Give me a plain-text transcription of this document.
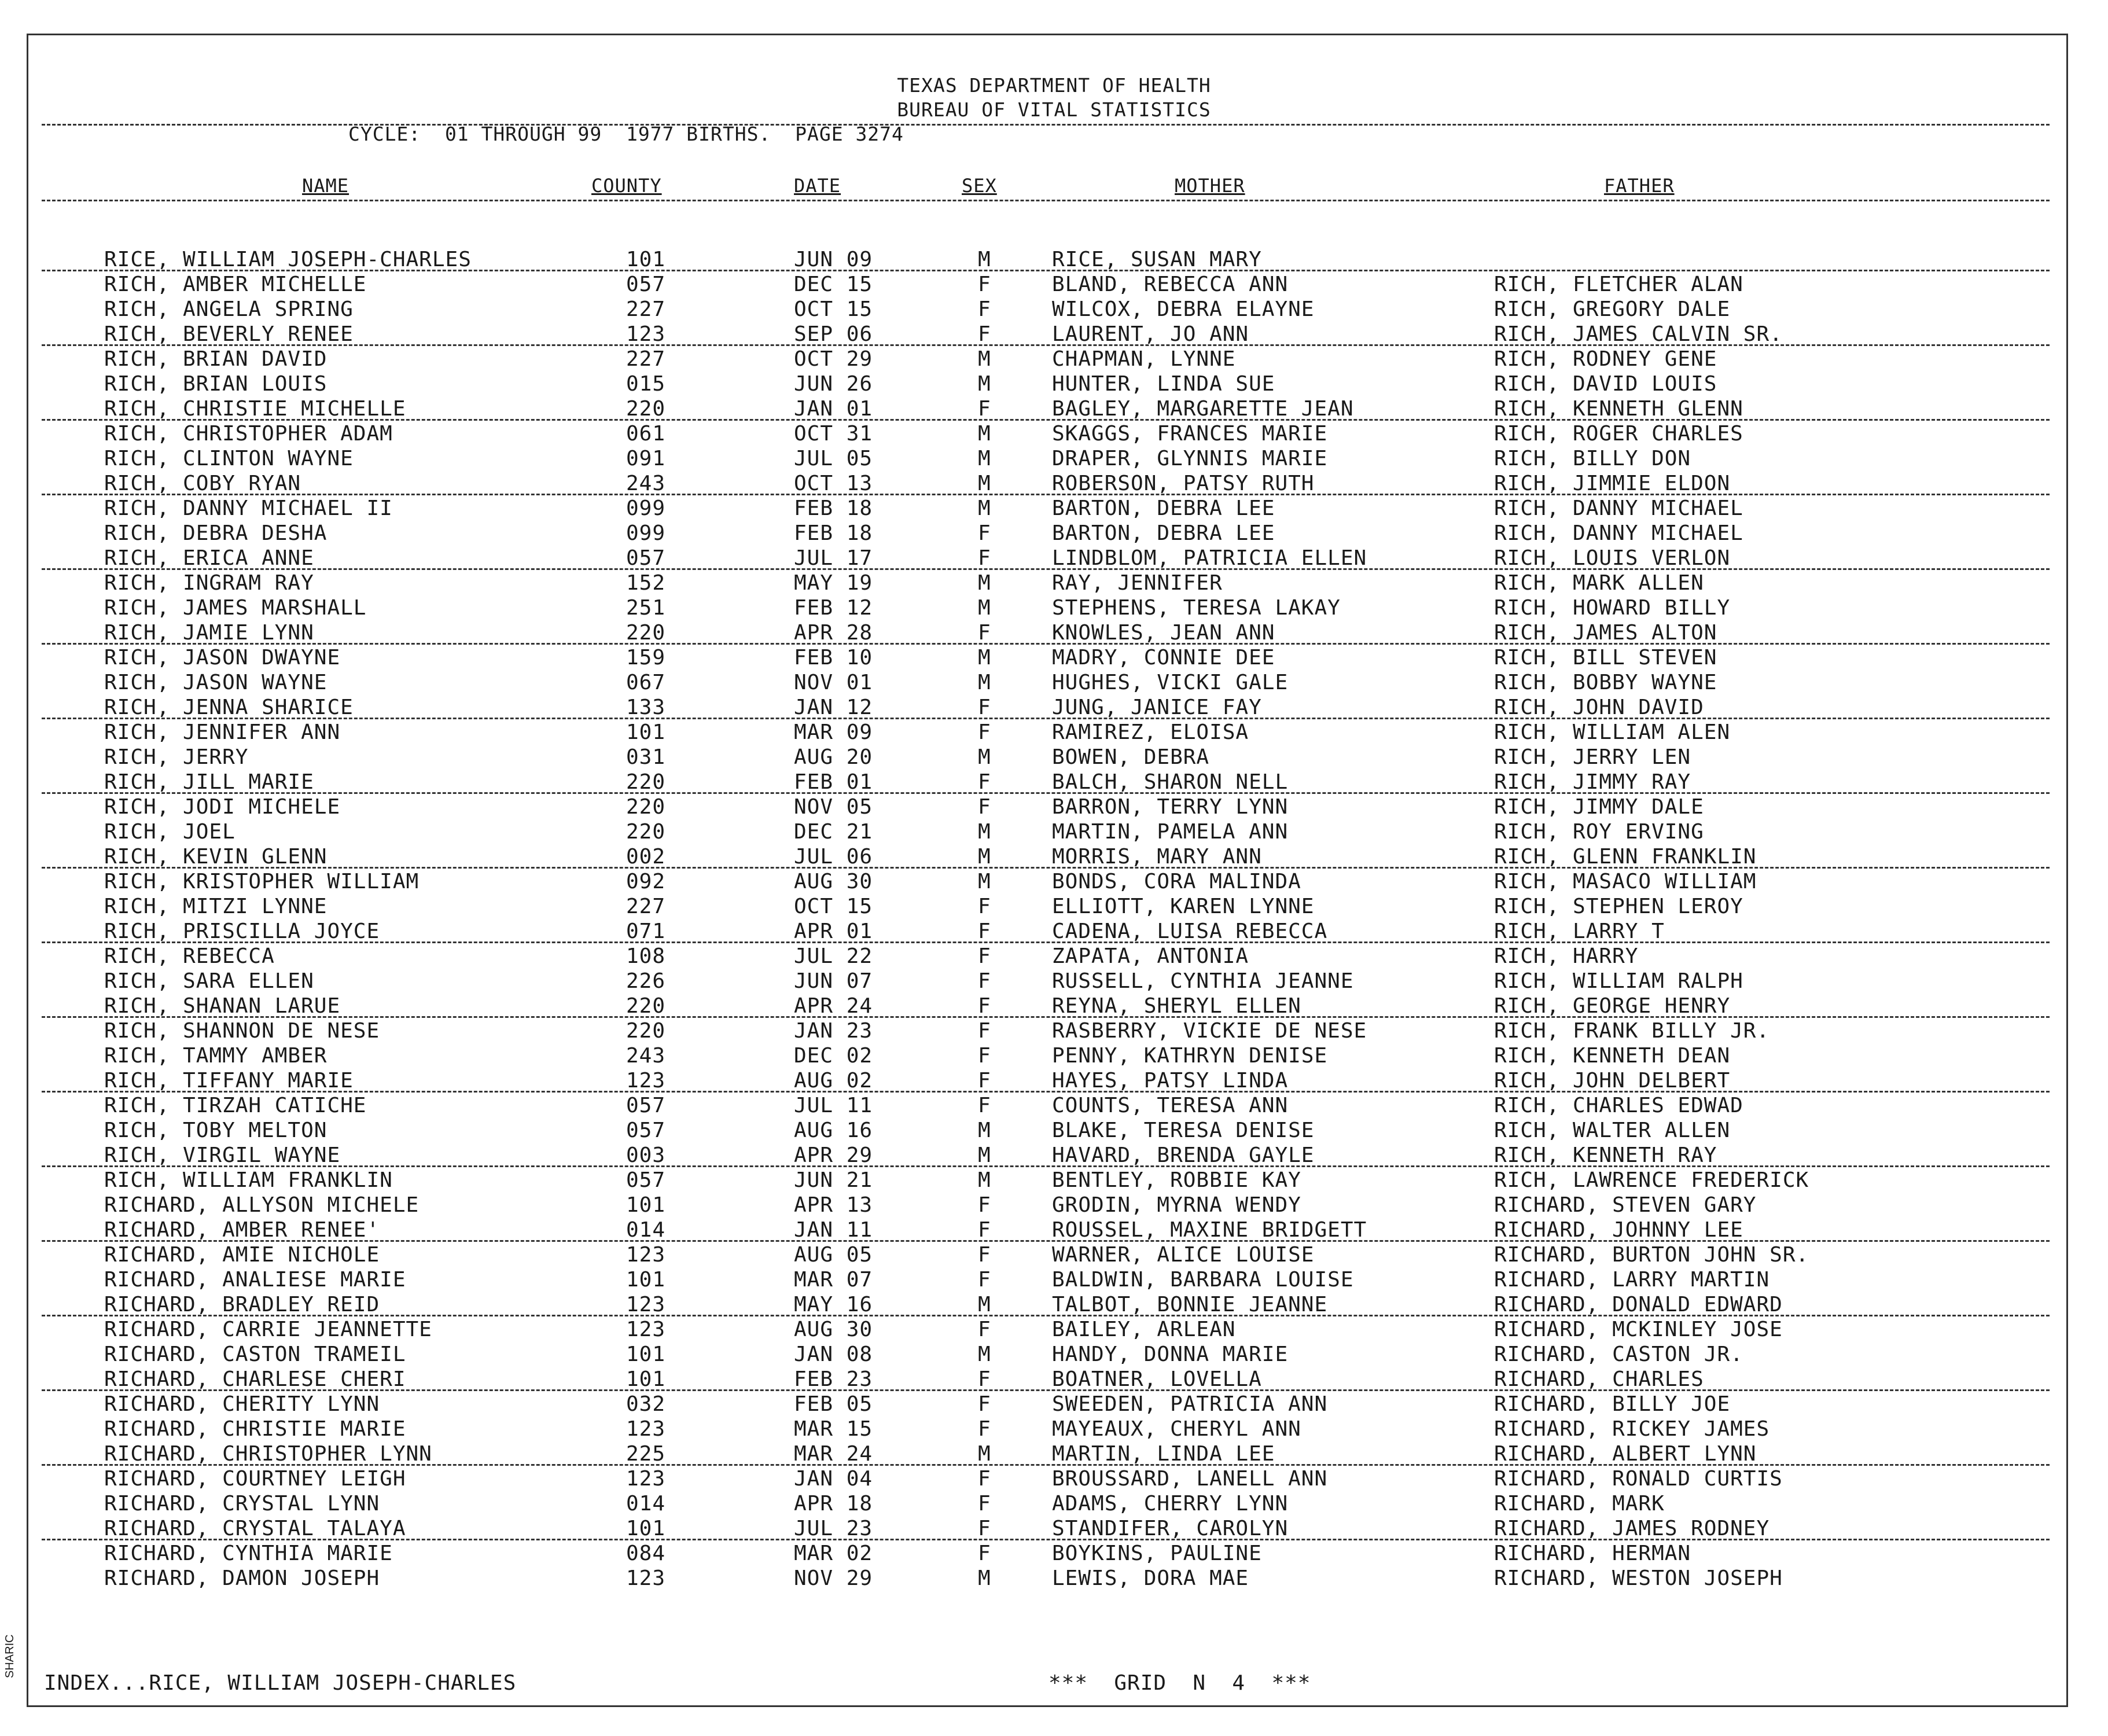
TEXAS DEPARTMENT OF HEALTH
BUREAU OF VITAL STATISTICS
CYCLE:  01 THROUGH 99  1977 BIRTHS.  PAGE 3274
NAME	COUNTY	DATE	SEX	MOTHER	FATHER
RICE, WILLIAM JOSEPH-CHARLES	101	JUN 09	M	RICE, SUSAN MARY
RICH, AMBER MICHELLE	057	DEC 15	F	BLAND, REBECCA ANN	RICH, FLETCHER ALAN
RICH, ANGELA SPRING	227	OCT 15	F	WILCOX, DEBRA ELAYNE	RICH, GREGORY DALE
RICH, BEVERLY RENEE	123	SEP 06	F	LAURENT, JO ANN	RICH, JAMES CALVIN SR.
RICH, BRIAN DAVID	227	OCT 29	M	CHAPMAN, LYNNE	RICH, RODNEY GENE
RICH, BRIAN LOUIS	015	JUN 26	M	HUNTER, LINDA SUE	RICH, DAVID LOUIS
RICH, CHRISTIE MICHELLE	220	JAN 01	F	BAGLEY, MARGARETTE JEAN	RICH, KENNETH GLENN
RICH, CHRISTOPHER ADAM	061	OCT 31	M	SKAGGS, FRANCES MARIE	RICH, ROGER CHARLES
RICH, CLINTON WAYNE	091	JUL 05	M	DRAPER, GLYNNIS MARIE	RICH, BILLY DON
RICH, COBY RYAN	243	OCT 13	M	ROBERSON, PATSY RUTH	RICH, JIMMIE ELDON
RICH, DANNY MICHAEL II	099	FEB 18	M	BARTON, DEBRA LEE	RICH, DANNY MICHAEL
RICH, DEBRA DESHA	099	FEB 18	F	BARTON, DEBRA LEE	RICH, DANNY MICHAEL
RICH, ERICA ANNE	057	JUL 17	F	LINDBLOM, PATRICIA ELLEN	RICH, LOUIS VERLON
RICH, INGRAM RAY	152	MAY 19	M	RAY, JENNIFER	RICH, MARK ALLEN
RICH, JAMES MARSHALL	251	FEB 12	M	STEPHENS, TERESA LAKAY	RICH, HOWARD BILLY
RICH, JAMIE LYNN	220	APR 28	F	KNOWLES, JEAN ANN	RICH, JAMES ALTON
RICH, JASON DWAYNE	159	FEB 10	M	MADRY, CONNIE DEE	RICH, BILL STEVEN
RICH, JASON WAYNE	067	NOV 01	M	HUGHES, VICKI GALE	RICH, BOBBY WAYNE
RICH, JENNA SHARICE	133	JAN 12	F	JUNG, JANICE FAY	RICH, JOHN DAVID
RICH, JENNIFER ANN	101	MAR 09	F	RAMIREZ, ELOISA	RICH, WILLIAM ALEN
RICH, JERRY	031	AUG 20	M	BOWEN, DEBRA	RICH, JERRY LEN
RICH, JILL MARIE	220	FEB 01	F	BALCH, SHARON NELL	RICH, JIMMY RAY
RICH, JODI MICHELE	220	NOV 05	F	BARRON, TERRY LYNN	RICH, JIMMY DALE
RICH, JOEL	220	DEC 21	M	MARTIN, PAMELA ANN	RICH, ROY ERVING
RICH, KEVIN GLENN	002	JUL 06	M	MORRIS, MARY ANN	RICH, GLENN FRANKLIN
RICH, KRISTOPHER WILLIAM	092	AUG 30	M	BONDS, CORA MALINDA	RICH, MASACO WILLIAM
RICH, MITZI LYNNE	227	OCT 15	F	ELLIOTT, KAREN LYNNE	RICH, STEPHEN LEROY
RICH, PRISCILLA JOYCE	071	APR 01	F	CADENA, LUISA REBECCA	RICH, LARRY T
RICH, REBECCA	108	JUL 22	F	ZAPATA, ANTONIA	RICH, HARRY
RICH, SARA ELLEN	226	JUN 07	F	RUSSELL, CYNTHIA JEANNE	RICH, WILLIAM RALPH
RICH, SHANAN LARUE	220	APR 24	F	REYNA, SHERYL ELLEN	RICH, GEORGE HENRY
RICH, SHANNON DE NESE	220	JAN 23	F	RASBERRY, VICKIE DE NESE	RICH, FRANK BILLY JR.
RICH, TAMMY AMBER	243	DEC 02	F	PENNY, KATHRYN DENISE	RICH, KENNETH DEAN
RICH, TIFFANY MARIE	123	AUG 02	F	HAYES, PATSY LINDA	RICH, JOHN DELBERT
RICH, TIRZAH CATICHE	057	JUL 11	F	COUNTS, TERESA ANN	RICH, CHARLES EDWAD
RICH, TOBY MELTON	057	AUG 16	M	BLAKE, TERESA DENISE	RICH, WALTER ALLEN
RICH, VIRGIL WAYNE	003	APR 29	M	HAVARD, BRENDA GAYLE	RICH, KENNETH RAY
RICH, WILLIAM FRANKLIN	057	JUN 21	M	BENTLEY, ROBBIE KAY	RICH, LAWRENCE FREDERICK
RICHARD, ALLYSON MICHELE	101	APR 13	F	GRODIN, MYRNA WENDY	RICHARD, STEVEN GARY
RICHARD, AMBER RENEE'	014	JAN 11	F	ROUSSEL, MAXINE BRIDGETT	RICHARD, JOHNNY LEE
RICHARD, AMIE NICHOLE	123	AUG 05	F	WARNER, ALICE LOUISE	RICHARD, BURTON JOHN SR.
RICHARD, ANALIESE MARIE	101	MAR 07	F	BALDWIN, BARBARA LOUISE	RICHARD, LARRY MARTIN
RICHARD, BRADLEY REID	123	MAY 16	M	TALBOT, BONNIE JEANNE	RICHARD, DONALD EDWARD
RICHARD, CARRIE JEANNETTE	123	AUG 30	F	BAILEY, ARLEAN	RICHARD, MCKINLEY JOSE
RICHARD, CASTON TRAMEIL	101	JAN 08	M	HANDY, DONNA MARIE	RICHARD, CASTON JR.
RICHARD, CHARLESE CHERI	101	FEB 23	F	BOATNER, LOVELLA	RICHARD, CHARLES
RICHARD, CHERITY LYNN	032	FEB 05	F	SWEEDEN, PATRICIA ANN	RICHARD, BILLY JOE
RICHARD, CHRISTIE MARIE	123	MAR 15	F	MAYEAUX, CHERYL ANN	RICHARD, RICKEY JAMES
RICHARD, CHRISTOPHER LYNN	225	MAR 24	M	MARTIN, LINDA LEE	RICHARD, ALBERT LYNN
RICHARD, COURTNEY LEIGH	123	JAN 04	F	BROUSSARD, LANELL ANN	RICHARD, RONALD CURTIS
RICHARD, CRYSTAL LYNN	014	APR 18	F	ADAMS, CHERRY LYNN	RICHARD, MARK
RICHARD, CRYSTAL TALAYA	101	JUL 23	F	STANDIFER, CAROLYN	RICHARD, JAMES RODNEY
RICHARD, CYNTHIA MARIE	084	MAR 02	F	BOYKINS, PAULINE	RICHARD, HERMAN
RICHARD, DAMON JOSEPH	123	NOV 29	M	LEWIS, DORA MAE	RICHARD, WESTON JOSEPH
INDEX...RICE, WILLIAM JOSEPH-CHARLES	***  GRID  N  4  ***
SHARIC
